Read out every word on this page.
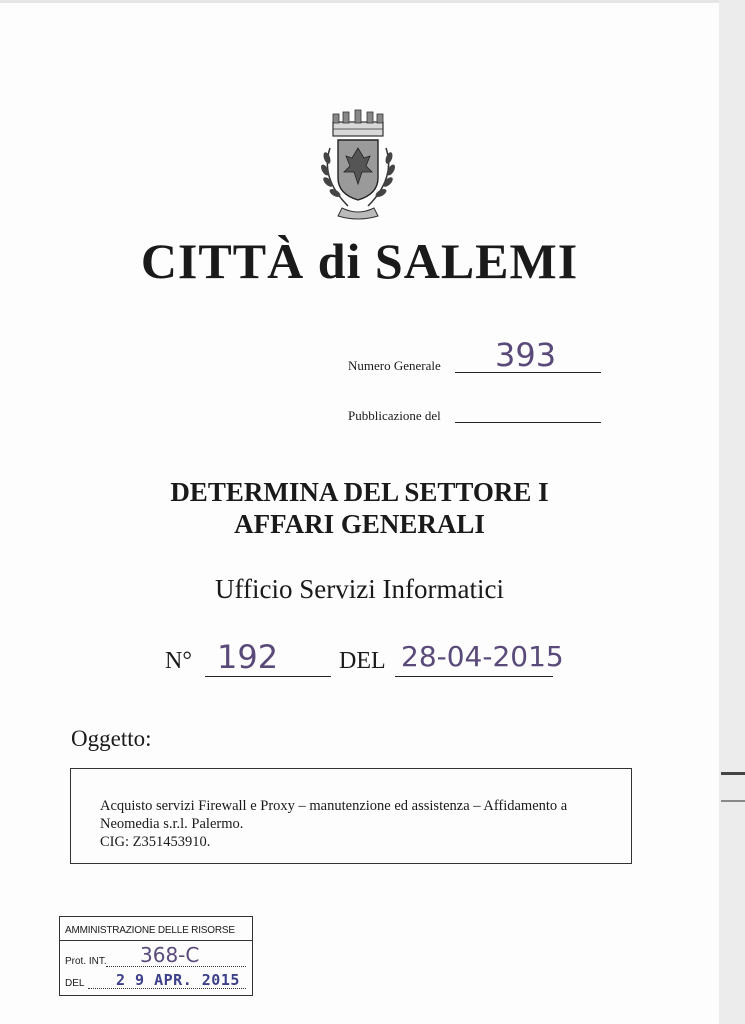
CITTÀ di SALEMI
Numero Generale 393
Pubblicazione del
DETERMINA DEL SETTORE I
AFFARI GENERALI
Ufficio Servizi Informatici
N° 192	DEL 28-04-2015
Oggetto:

Acquisto servizi Firewall e Proxy – manutenzione ed assistenza – Affidamento a

Neomedia s.r.l. Palermo.

CIG: Z351453910.

AMMINISTRAZIONE DELLE RISORSE
Prot. INT. 368-C
DEL 2 9 APR. 2015
